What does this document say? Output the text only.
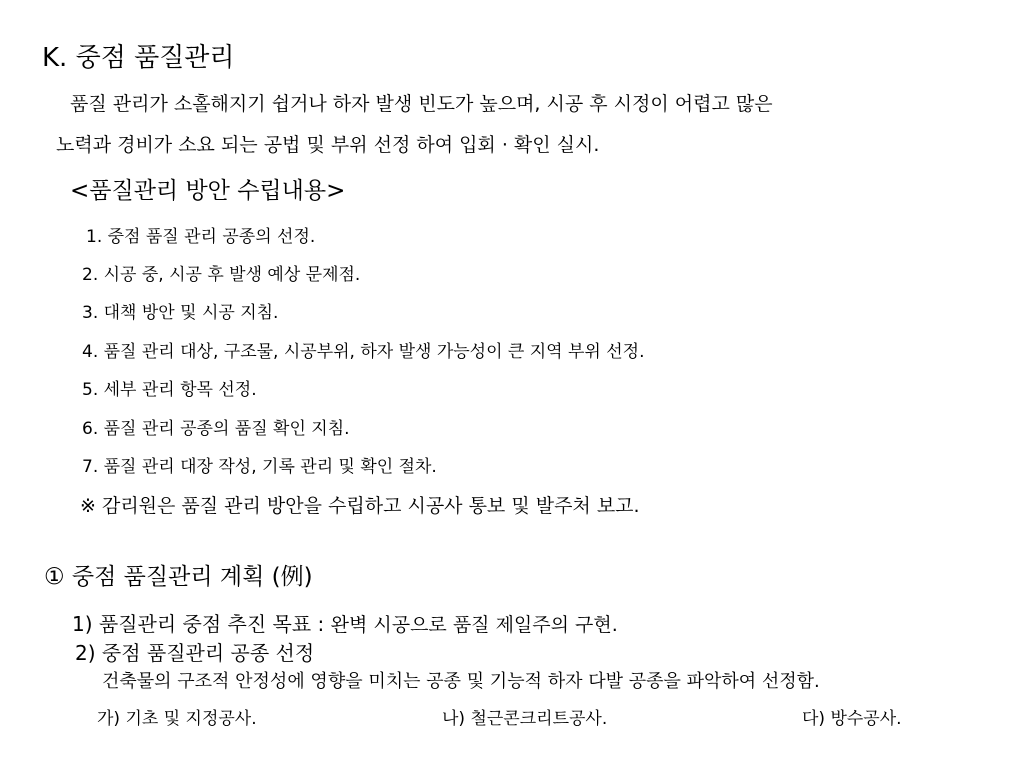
K. 중점 품질관리
품질 관리가 소홀해지기 쉽거나 하자 발생 빈도가 높으며, 시공 후 시정이 어렵고 많은
노력과 경비가 소요 되는 공법 및 부위 선정 하여 입회 · 확인 실시.
<품질관리 방안 수립내용>
1. 중점 품질 관리 공종의 선정.
2. 시공 중, 시공 후 발생 예상 문제점.
3. 대책 방안 및 시공 지침.
4. 품질 관리 대상, 구조물, 시공부위, 하자 발생 가능성이 큰 지역 부위 선정.
5. 세부 관리 항목 선정.
6. 품질 관리 공종의 품질 확인 지침.
7. 품질 관리 대장 작성, 기록 관리 및 확인 절차.
※ 감리원은 품질 관리 방안을 수립하고 시공사 통보 및 발주처 보고.
① 중점 품질관리 계획 (例)
1) 품질관리 중점 추진 목표 : 완벽 시공으로 품질 제일주의 구현.
2) 중점 품질관리 공종 선정
건축물의 구조적 안정성에 영향을 미치는 공종 및 기능적 하자 다발 공종을 파악하여 선정함.
가) 기초 및 지정공사.	나) 철근콘크리트공사.	다) 방수공사.
